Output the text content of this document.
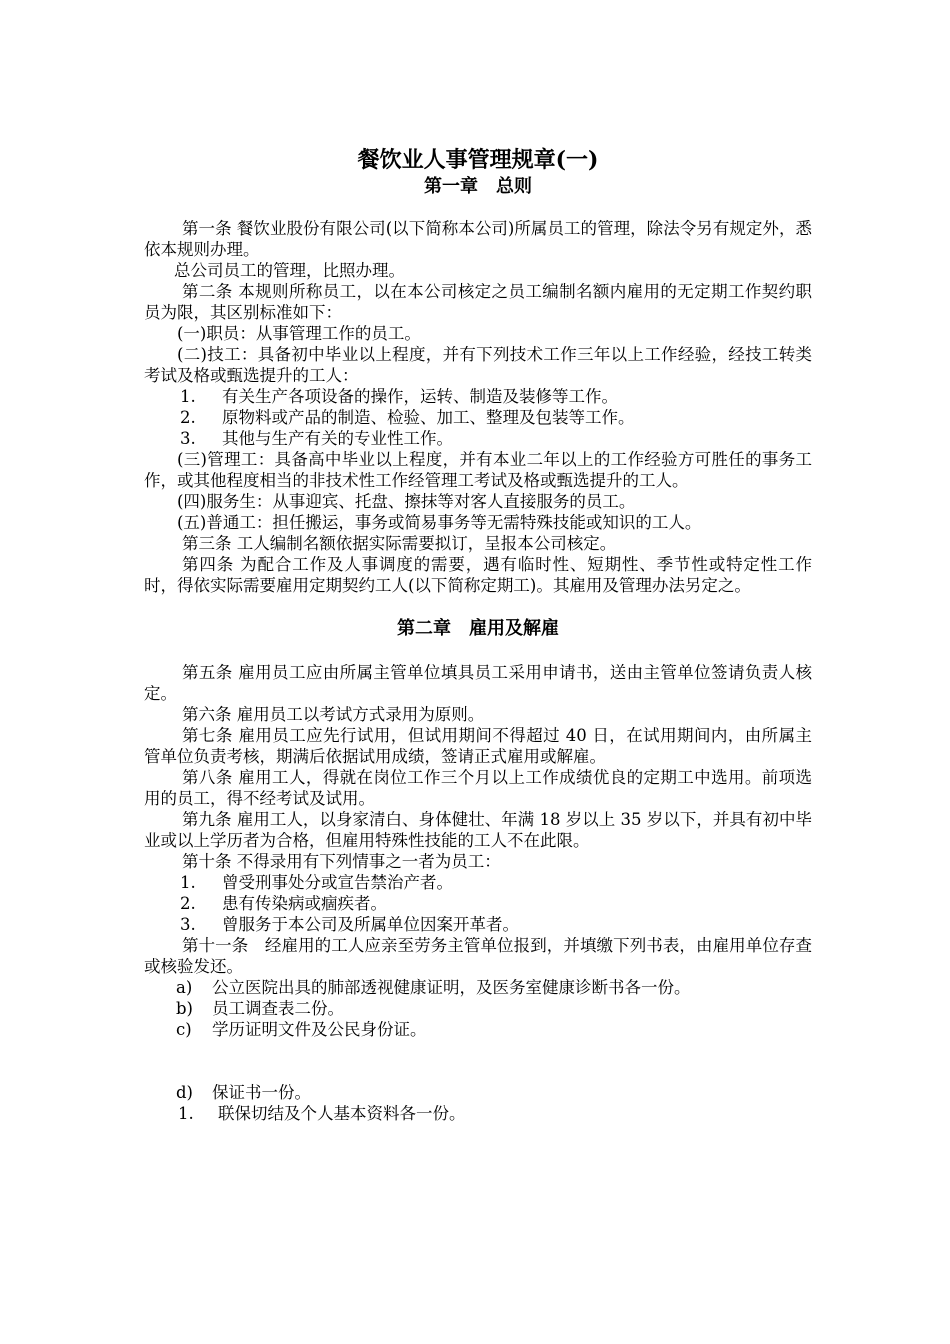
餐饮业人事管理规章(一)
第一章　总则

第一条 餐饮业股份有限公司(以下简称本公司)所属员工的管理，除法令另有规定外，悉依本规则办理。

总公司员工的管理，比照办理。

第二条 本规则所称员工，以在本公司核定之员工编制名额内雇用的无定期工作契约职员为限，其区别标准如下：

(一)职员：从事管理工作的员工。

(二)技工：具备初中毕业以上程度，并有下列技术工作三年以上工作经验，经技工转类考试及格或甄选提升的工人：

1. 有关生产各项设备的操作，运转、制造及装修等工作。

2. 原物料或产品的制造、检验、加工、整理及包装等工作。

3. 其他与生产有关的专业性工作。

(三)管理工：具备高中毕业以上程度，并有本业二年以上的工作经验方可胜任的事务工作，或其他程度相当的非技术性工作经管理工考试及格或甄选提升的工人。

(四)服务生：从事迎宾、托盘、擦抹等对客人直接服务的员工。

(五)普通工：担任搬运，事务或简易事务等无需特殊技能或知识的工人。

第三条 工人编制名额依据实际需要拟订，呈报本公司核定。

第四条 为配合工作及人事调度的需要，遇有临时性、短期性、季节性或特定性工作时，得依实际需要雇用定期契约工人(以下简称定期工)。其雇用及管理办法另定之。

第二章　雇用及解雇

第五条 雇用员工应由所属主管单位填具员工采用申请书，送由主管单位签请负责人核定。

第六条 雇用员工以考试方式录用为原则。

第七条 雇用员工应先行试用，但试用期间不得超过 40 日，在试用期间内，由所属主管单位负责考核，期满后依据试用成绩，签请正式雇用或解雇。

第八条 雇用工人，得就在岗位工作三个月以上工作成绩优良的定期工中选用。前项选用的员工，得不经考试及试用。

第九条 雇用工人，以身家清白、身体健壮、年满 18 岁以上 35 岁以下，并具有初中毕业或以上学历者为合格，但雇用特殊性技能的工人不在此限。

第十条 不得录用有下列情事之一者为员工：

1. 曾受刑事处分或宣告禁治产者。

2. 患有传染病或痼疾者。

3. 曾服务于本公司及所属单位因案开革者。

第十一条　经雇用的工人应亲至劳务主管单位报到，并填缴下列书表，由雇用单位存查或核验发还。

a) 公立医院出具的肺部透视健康证明，及医务室健康诊断书各一份。

b) 员工调查表二份。

c) 学历证明文件及公民身份证。

d) 保证书一份。

1. 联保切结及个人基本资料各一份。
